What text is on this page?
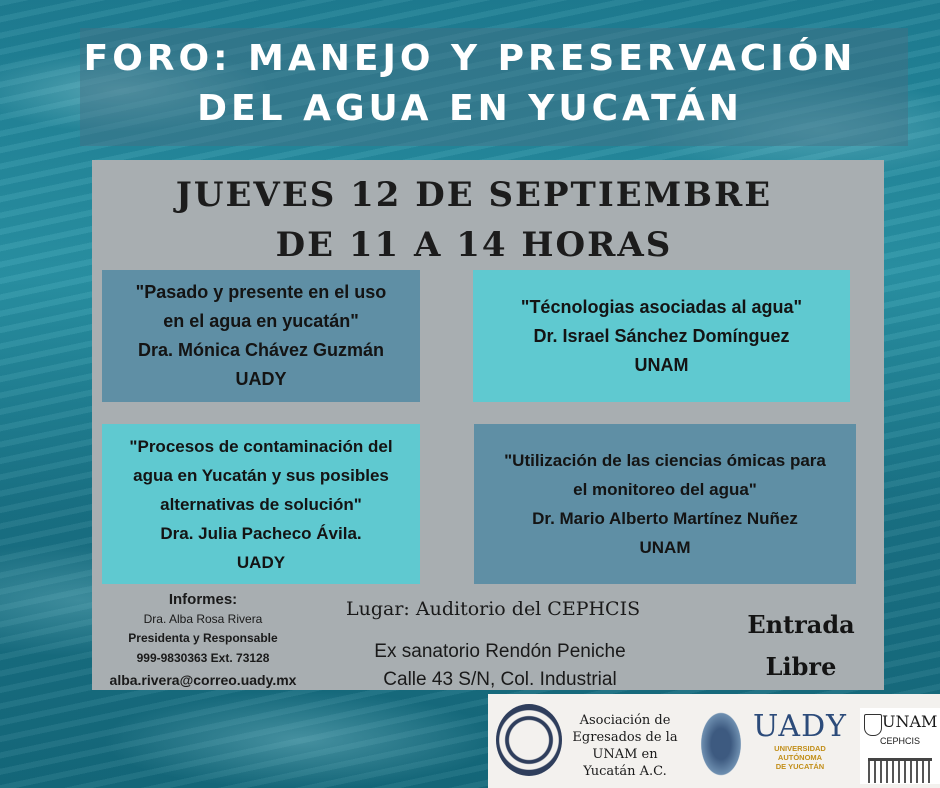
FORO: MANEJO Y PRESERVACIÓN
DEL AGUA EN YUCATÁN
JUEVES 12 DE SEPTIEMBRE
DE 11 A 14 HORAS
"Pasado y presente en el uso
en el agua en yucatán"
Dra. Mónica Chávez Guzmán
UADY
"Técnologias asociadas al agua"
Dr. Israel Sánchez Domínguez
UNAM
"Procesos de contaminación del
agua en Yucatán y sus posibles
alternativas de solución"
Dra. Julia Pacheco Ávila.
UADY
"Utilización de las ciencias ómicas para
el monitoreo del agua"
Dr. Mario Alberto Martínez Nuñez
UNAM
Informes:
Dra. Alba Rosa Rivera
Presidenta y Responsable
999-9830363 Ext. 73128
alba.rivera@correo.uady.mx
Lugar: Auditorio del CEPHCIS
Ex sanatorio Rendón Peniche
Calle 43 S/N, Col. Industrial
Entrada
Libre
Asociación de
Egresados de la
UNAM en
Yucatán A.C.
UADY
UNIVERSIDAD
AUTÓNOMA
DE YUCATÁN
UNAM
CEPHCIS
